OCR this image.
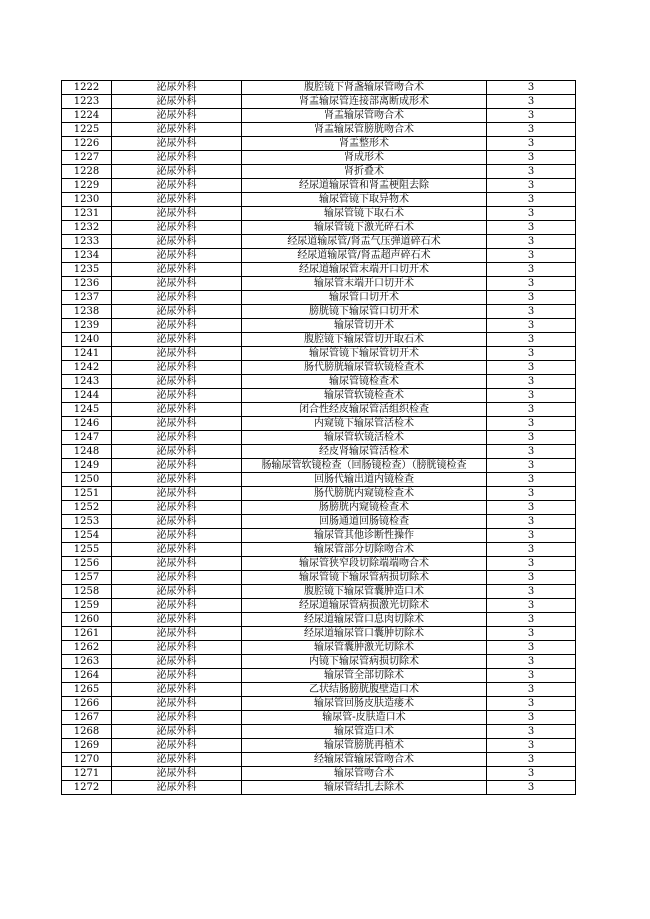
1222	泌尿外科	腹腔镜下肾盏输尿管吻合术	3
1223	泌尿外科	肾盂输尿管连接部离断成形术	3
1224	泌尿外科	肾盂输尿管吻合术	3
1225	泌尿外科	肾盂输尿管膀胱吻合术	3
1226	泌尿外科	肾盂整形术	3
1227	泌尿外科	肾成形术	3
1228	泌尿外科	肾折叠术	3
1229	泌尿外科	经尿道输尿管和肾盂梗阻去除	3
1230	泌尿外科	输尿管镜下取异物术	3
1231	泌尿外科	输尿管镜下取石术	3
1232	泌尿外科	输尿管镜下激光碎石术	3
1233	泌尿外科	经尿道输尿管/肾盂气压弹道碎石术	3
1234	泌尿外科	经尿道输尿管/肾盂超声碎石术	3
1235	泌尿外科	经尿道输尿管末端开口切开术	3
1236	泌尿外科	输尿管末端开口切开术	3
1237	泌尿外科	输尿管口切开术	3
1238	泌尿外科	膀胱镜下输尿管口切开术	3
1239	泌尿外科	输尿管切开术	3
1240	泌尿外科	腹腔镜下输尿管切开取石术	3
1241	泌尿外科	输尿管镜下输尿管切开术	3
1242	泌尿外科	肠代膀胱输尿管软镜检查术	3
1243	泌尿外科	输尿管镜检查术	3
1244	泌尿外科	输尿管软镜检查术	3
1245	泌尿外科	闭合性经皮输尿管活组织检查	3
1246	泌尿外科	内窥镜下输尿管活检术	3
1247	泌尿外科	输尿管软镜活检术	3
1248	泌尿外科	经皮肾输尿管活检术	3
1249	泌尿外科	肠输尿管软镜检查（回肠镜检查）（膀胱镜检查	3
1250	泌尿外科	回肠代输出道内镜检查	3
1251	泌尿外科	肠代膀胱内窥镜检查术	3
1252	泌尿外科	肠膀胱内窥镜检查术	3
1253	泌尿外科	回肠通道回肠镜检查	3
1254	泌尿外科	输尿管其他诊断性操作	3
1255	泌尿外科	输尿管部分切除吻合术	3
1256	泌尿外科	输尿管狭窄段切除端端吻合术	3
1257	泌尿外科	输尿管镜下输尿管病损切除术	3
1258	泌尿外科	腹腔镜下输尿管囊肿造口术	3
1259	泌尿外科	经尿道输尿管病损激光切除术	3
1260	泌尿外科	经尿道输尿管口息肉切除术	3
1261	泌尿外科	经尿道输尿管口囊肿切除术	3
1262	泌尿外科	输尿管囊肿激光切除术	3
1263	泌尿外科	内镜下输尿管病损切除术	3
1264	泌尿外科	输尿管全部切除术	3
1265	泌尿外科	乙状结肠膀胱腹壁造口术	3
1266	泌尿外科	输尿管回肠皮肤造瘘术	3
1267	泌尿外科	输尿管-皮肤造口术	3
1268	泌尿外科	输尿管造口术	3
1269	泌尿外科	输尿管膀胱再植术	3
1270	泌尿外科	经输尿管输尿管吻合术	3
1271	泌尿外科	输尿管吻合术	3
1272	泌尿外科	输尿管结扎去除术	3
